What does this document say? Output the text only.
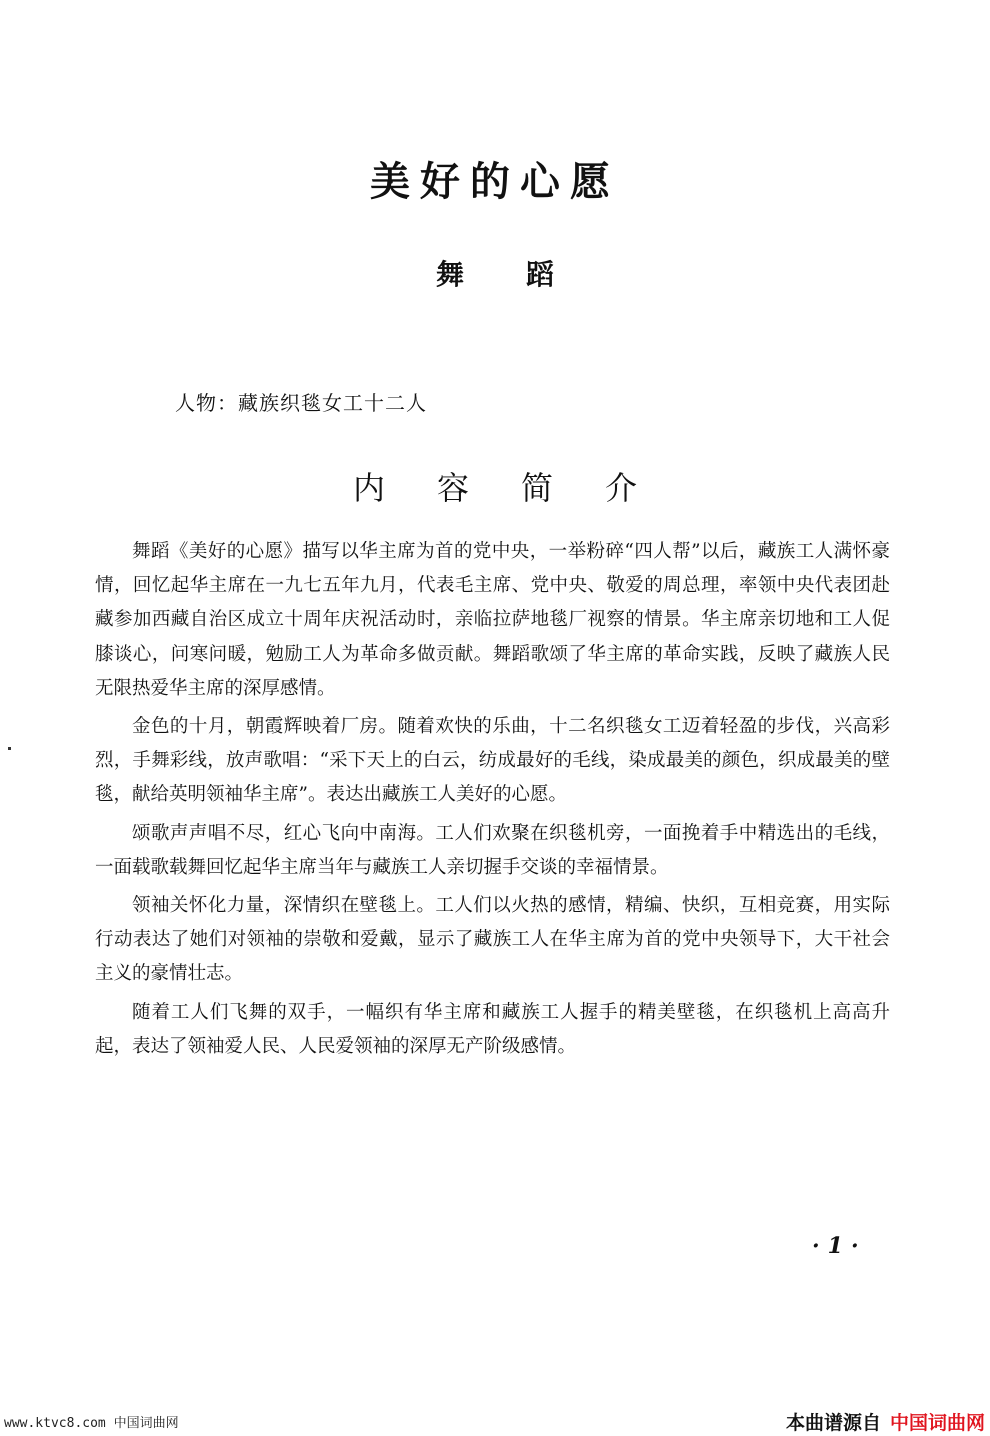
美好的心愿
舞蹈
人物：藏族织毯女工十二人
内容简介

舞蹈《美好的心愿》描写以华主席为首的党中央，一举粉碎“四人帮”以后，藏族工人满怀豪情，回忆起华主席在一九七五年九月，代表毛主席、党中央、敬爱的周总理，率领中央代表团赴藏参加西藏自治区成立十周年庆祝活动时，亲临拉萨地毯厂视察的情景。华主席亲切地和工人促膝谈心，问寒问暖，勉励工人为革命多做贡献。舞蹈歌颂了华主席的革命实践，反映了藏族人民无限热爱华主席的深厚感情。

金色的十月，朝霞辉映着厂房。随着欢快的乐曲，十二名织毯女工迈着轻盈的步伐，兴高彩烈，手舞彩线，放声歌唱：“采下天上的白云，纺成最好的毛线，染成最美的颜色，织成最美的壁毯，献给英明领袖华主席”。表达出藏族工人美好的心愿。

颂歌声声唱不尽，红心飞向中南海。工人们欢聚在织毯机旁，一面挽着手中精选出的毛线，一面载歌载舞回忆起华主席当年与藏族工人亲切握手交谈的幸福情景。

领袖关怀化力量，深情织在壁毯上。工人们以火热的感情，精编、快织，互相竞赛，用实际行动表达了她们对领袖的崇敬和爱戴，显示了藏族工人在华主席为首的党中央领导下，大干社会主义的豪情壮志。

随着工人们飞舞的双手，一幅织有华主席和藏族工人握手的精美壁毯，在织毯机上高高升起，表达了领袖爱人民、人民爱领袖的深厚无产阶级感情。

·1·
www.ktvc8.com 中国词曲网	本曲谱源自 中国词曲网
